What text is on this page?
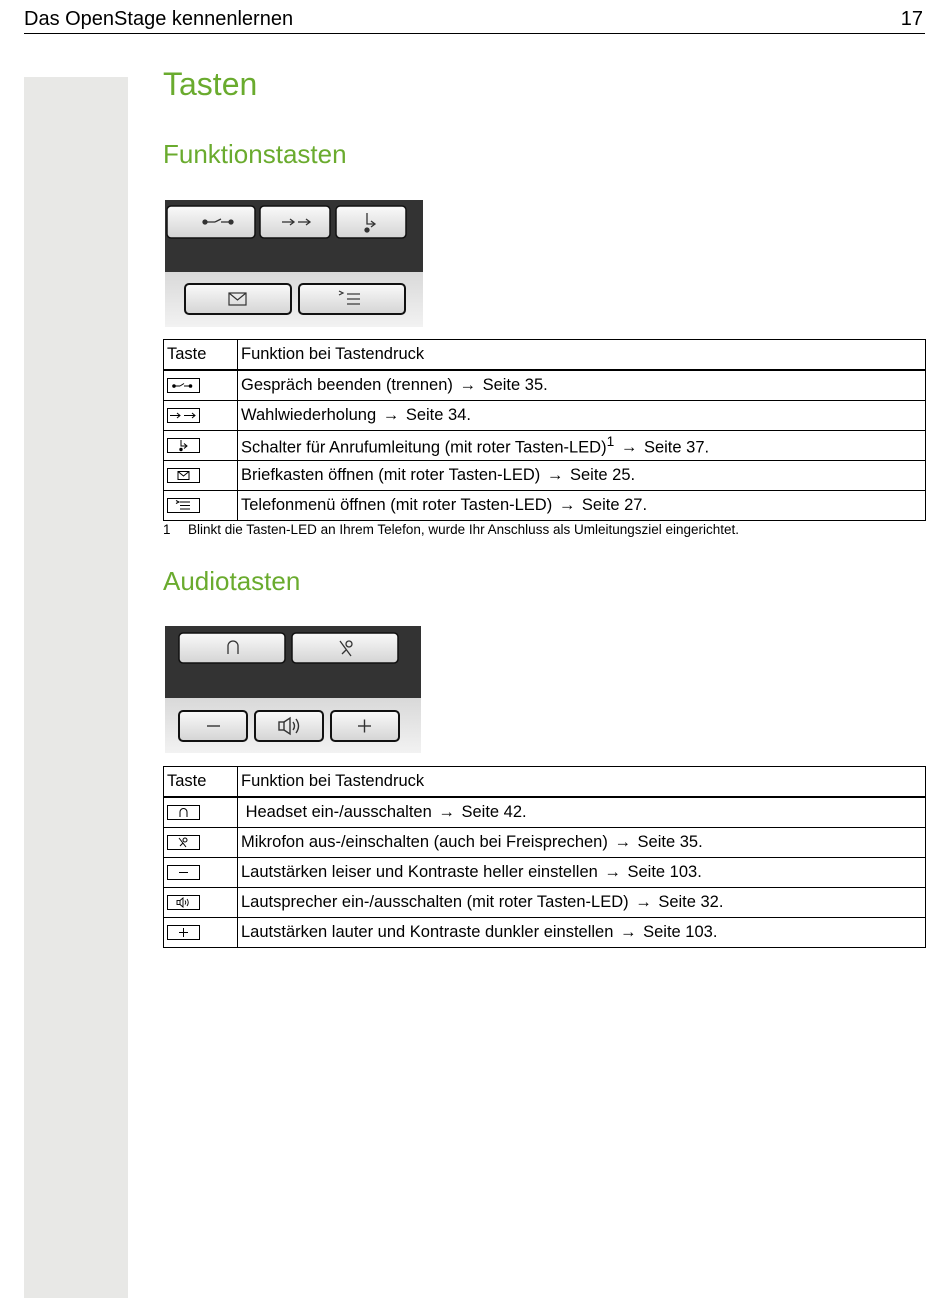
Das OpenStage kennenlernen	17
Tasten
Funktionstasten
Taste	Funktion bei Tastendruck

	Gespräch beenden (trennen) → Seite 35.

	Wahlwiederholung → Seite 34.

	Schalter für Anrufumleitung (mit roter Tasten-LED)$^1$ → Seite 37.

	Briefkasten öffnen (mit roter Tasten-LED) → Seite 25.

	Telefonmenü öffnen (mit roter Tasten-LED) → Seite 27.
1 Blinkt die Tasten-LED an Ihrem Telefon, wurde Ihr Anschluss als Umleitungsziel eingerichtet.
Audiotasten
Taste	Funktion bei Tastendruck

	Headset ein-/ausschalten → Seite 42.

	Mikrofon aus-/einschalten (auch bei Freisprechen) → Seite 35.

	Lautstärken leiser und Kontraste heller einstellen → Seite 103.

	Lautsprecher ein-/ausschalten (mit roter Tasten-LED) → Seite 32.

	Lautstärken lauter und Kontraste dunkler einstellen → Seite 103.
